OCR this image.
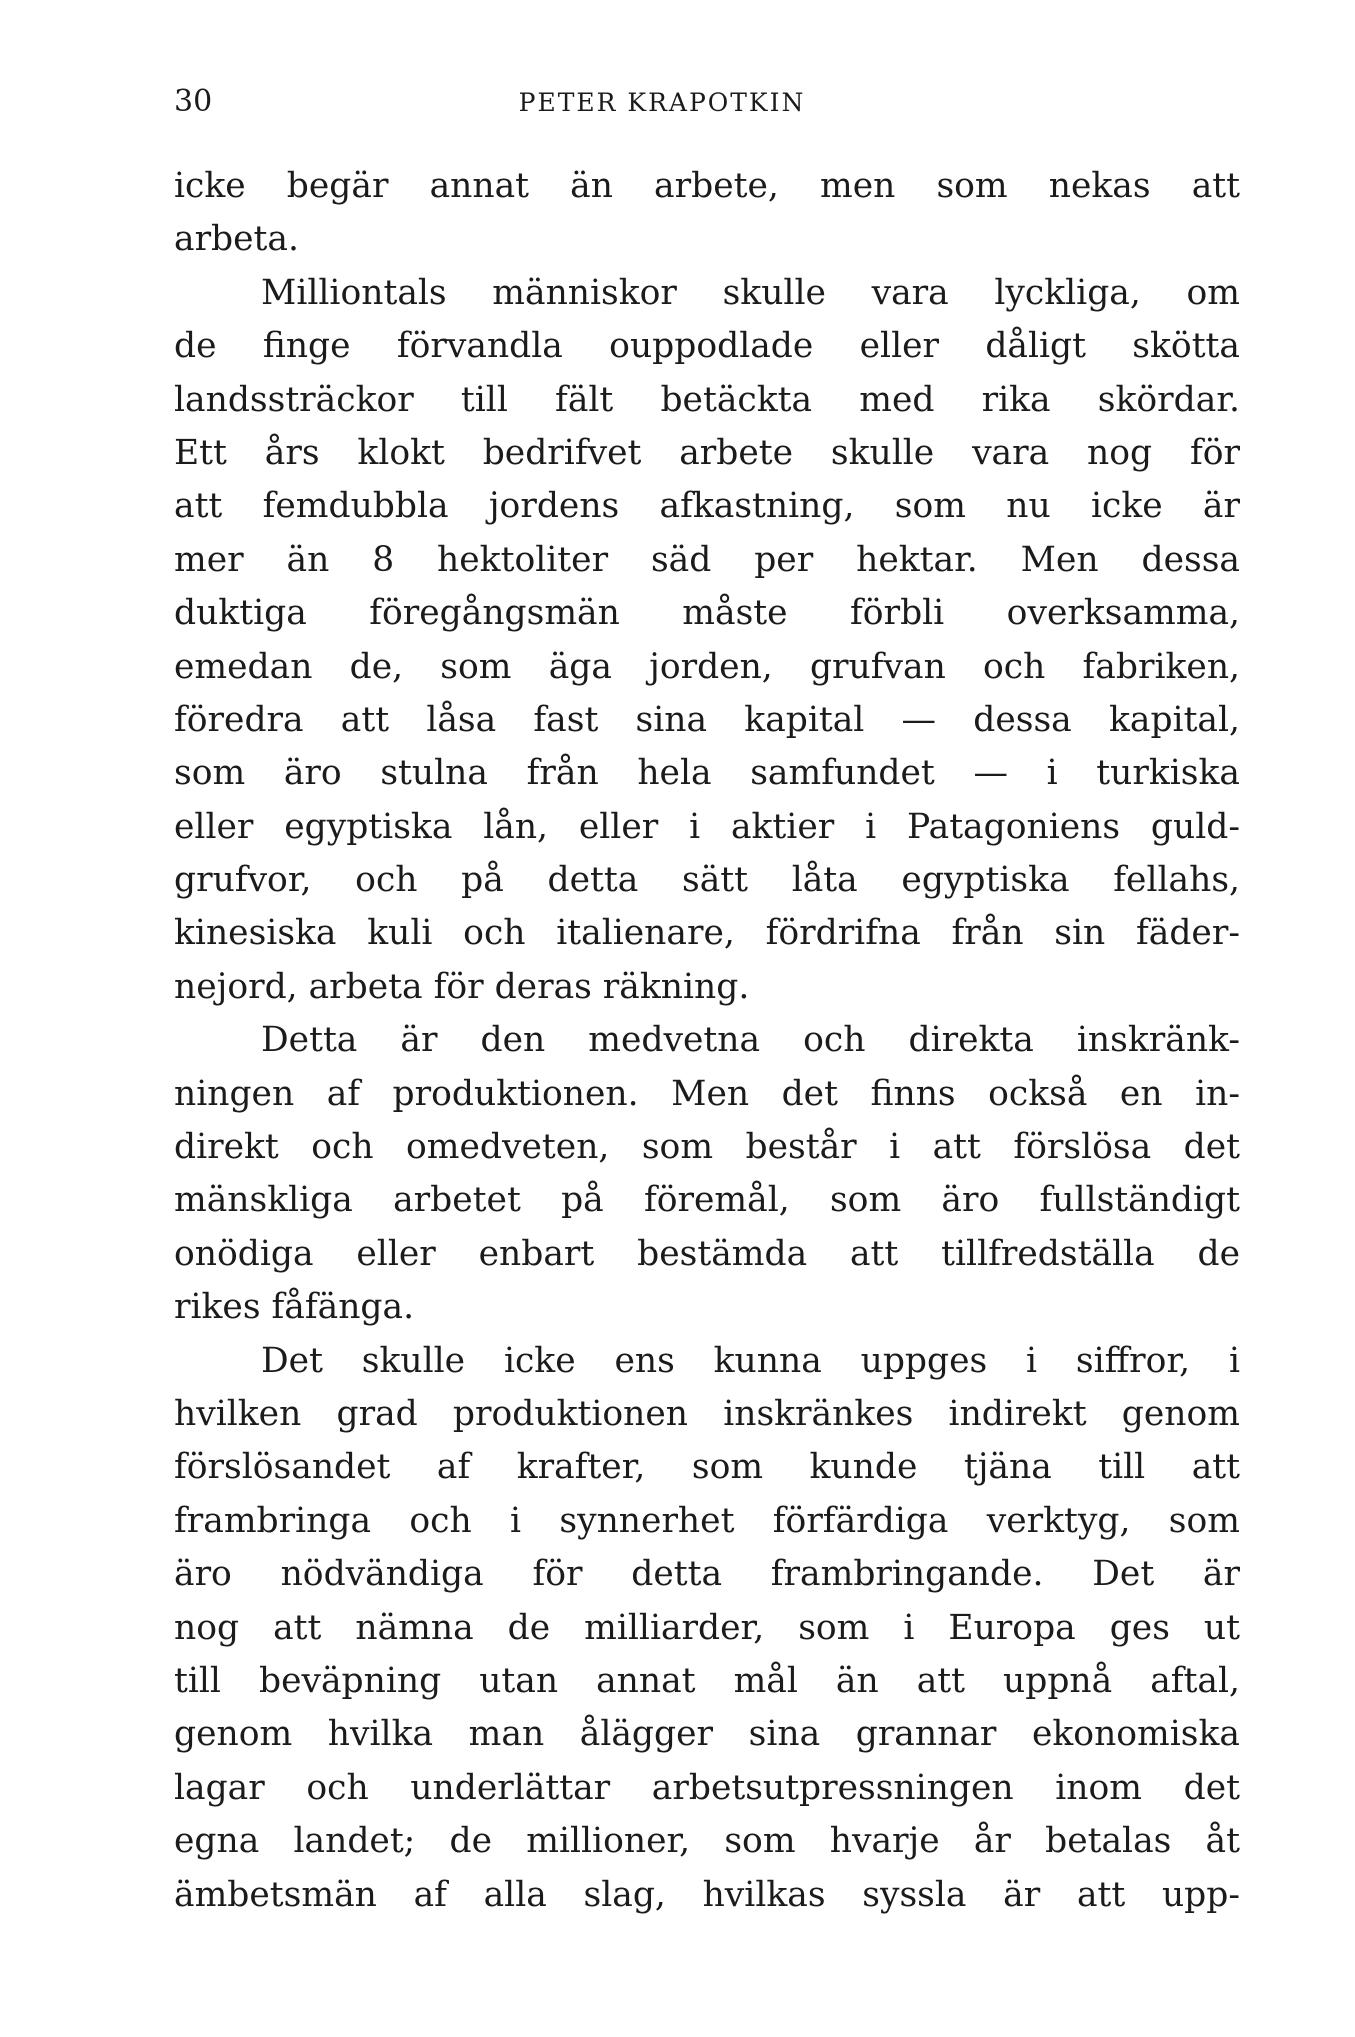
30	PETER KRAPOTKIN
icke begär annat än arbete, men som nekas att
arbeta.
Milliontals människor skulle vara lyckliga, om
de finge förvandla ouppodlade eller dåligt skötta
landssträckor till fält betäckta med rika skördar.
Ett års klokt bedrifvet arbete skulle vara nog för
att femdubbla jordens afkastning, som nu icke är
mer än 8 hektoliter säd per hektar. Men dessa
duktiga föregångsmän måste förbli overksamma,
emedan de, som äga jorden, grufvan och fabriken,
föredra att låsa fast sina kapital — dessa kapital,
som äro stulna från hela samfundet — i turkiska
eller egyptiska lån, eller i aktier i Patagoniens guld-
grufvor, och på detta sätt låta egyptiska fellahs,
kinesiska kuli och italienare, fördrifna från sin fäder-
nejord, arbeta för deras räkning.
Detta är den medvetna och direkta inskränk-
ningen af produktionen. Men det finns också en in-
direkt och omedveten, som består i att förslösa det
mänskliga arbetet på föremål, som äro fullständigt
onödiga eller enbart bestämda att tillfredställa de
rikes fåfänga.
Det skulle icke ens kunna uppges i siffror, i
hvilken grad produktionen inskränkes indirekt genom
förslösandet af krafter, som kunde tjäna till att
frambringa och i synnerhet förfärdiga verktyg, som
äro nödvändiga för detta frambringande. Det är
nog att nämna de milliarder, som i Europa ges ut
till beväpning utan annat mål än att uppnå aftal,
genom hvilka man ålägger sina grannar ekonomiska
lagar och underlättar arbetsutpressningen inom det
egna landet; de millioner, som hvarje år betalas åt
ämbetsmän af alla slag, hvilkas syssla är att upp-
